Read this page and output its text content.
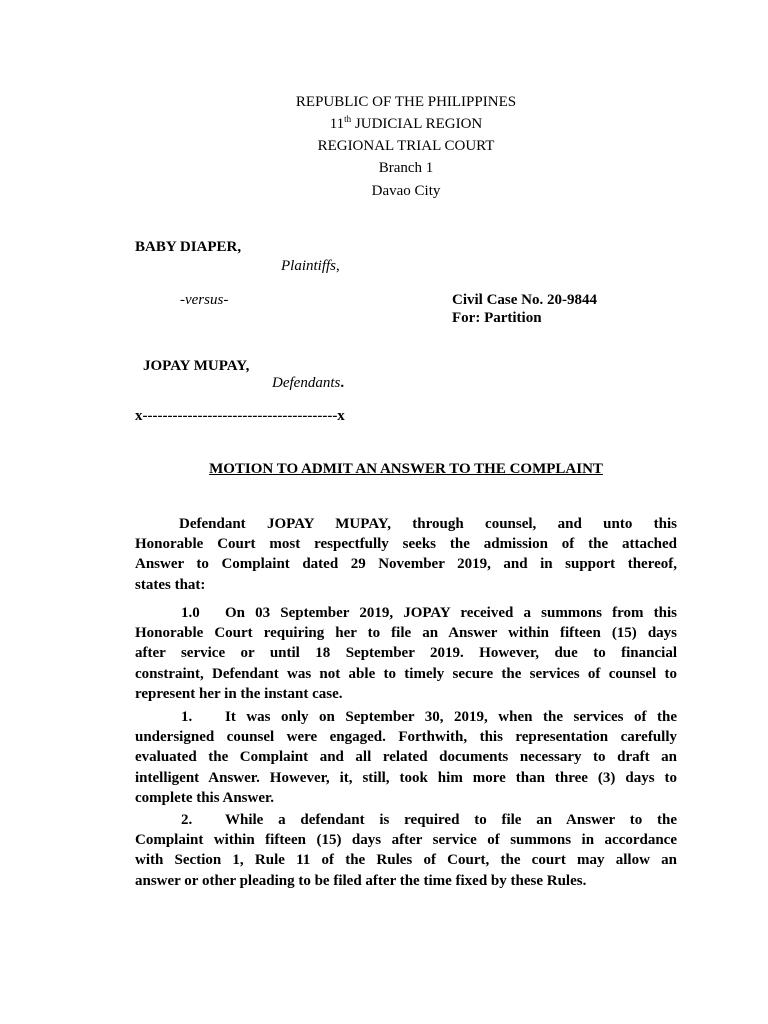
REPUBLIC OF THE PHILIPPINES
11th JUDICIAL REGION
REGIONAL TRIAL COURT
Branch 1
Davao City
BABY DIAPER,
Plaintiffs,
-versus-	Civil Case No. 20-9844
For: Partition
JOPAY MUPAY,
Defendants.
x---------------------------------------x
MOTION TO ADMIT AN ANSWER TO THE COMPLAINT
Defendant JOPAY MUPAY, through counsel, and unto this
Honorable Court most respectfully seeks the admission of the attached
Answer to Complaint dated 29 November 2019, and in support thereof,
states that:
1.0	On 03 September 2019, JOPAY received a summons from this
Honorable Court requiring her to file an Answer within fifteen (15) days
after service or until 18 September 2019. However, due to financial
constraint, Defendant was not able to timely secure the services of counsel to
represent her in the instant case.
1.	It was only on September 30, 2019, when the services of the
undersigned counsel were engaged. Forthwith, this representation carefully
evaluated the Complaint and all related documents necessary to draft an
intelligent Answer. However, it, still, took him more than three (3) days to
complete this Answer.
2.	While a defendant is required to file an Answer to the
Complaint within fifteen (15) days after service of summons in accordance
with Section 1, Rule 11 of the Rules of Court, the court may allow an
answer or other pleading to be filed after the time fixed by these Rules.
